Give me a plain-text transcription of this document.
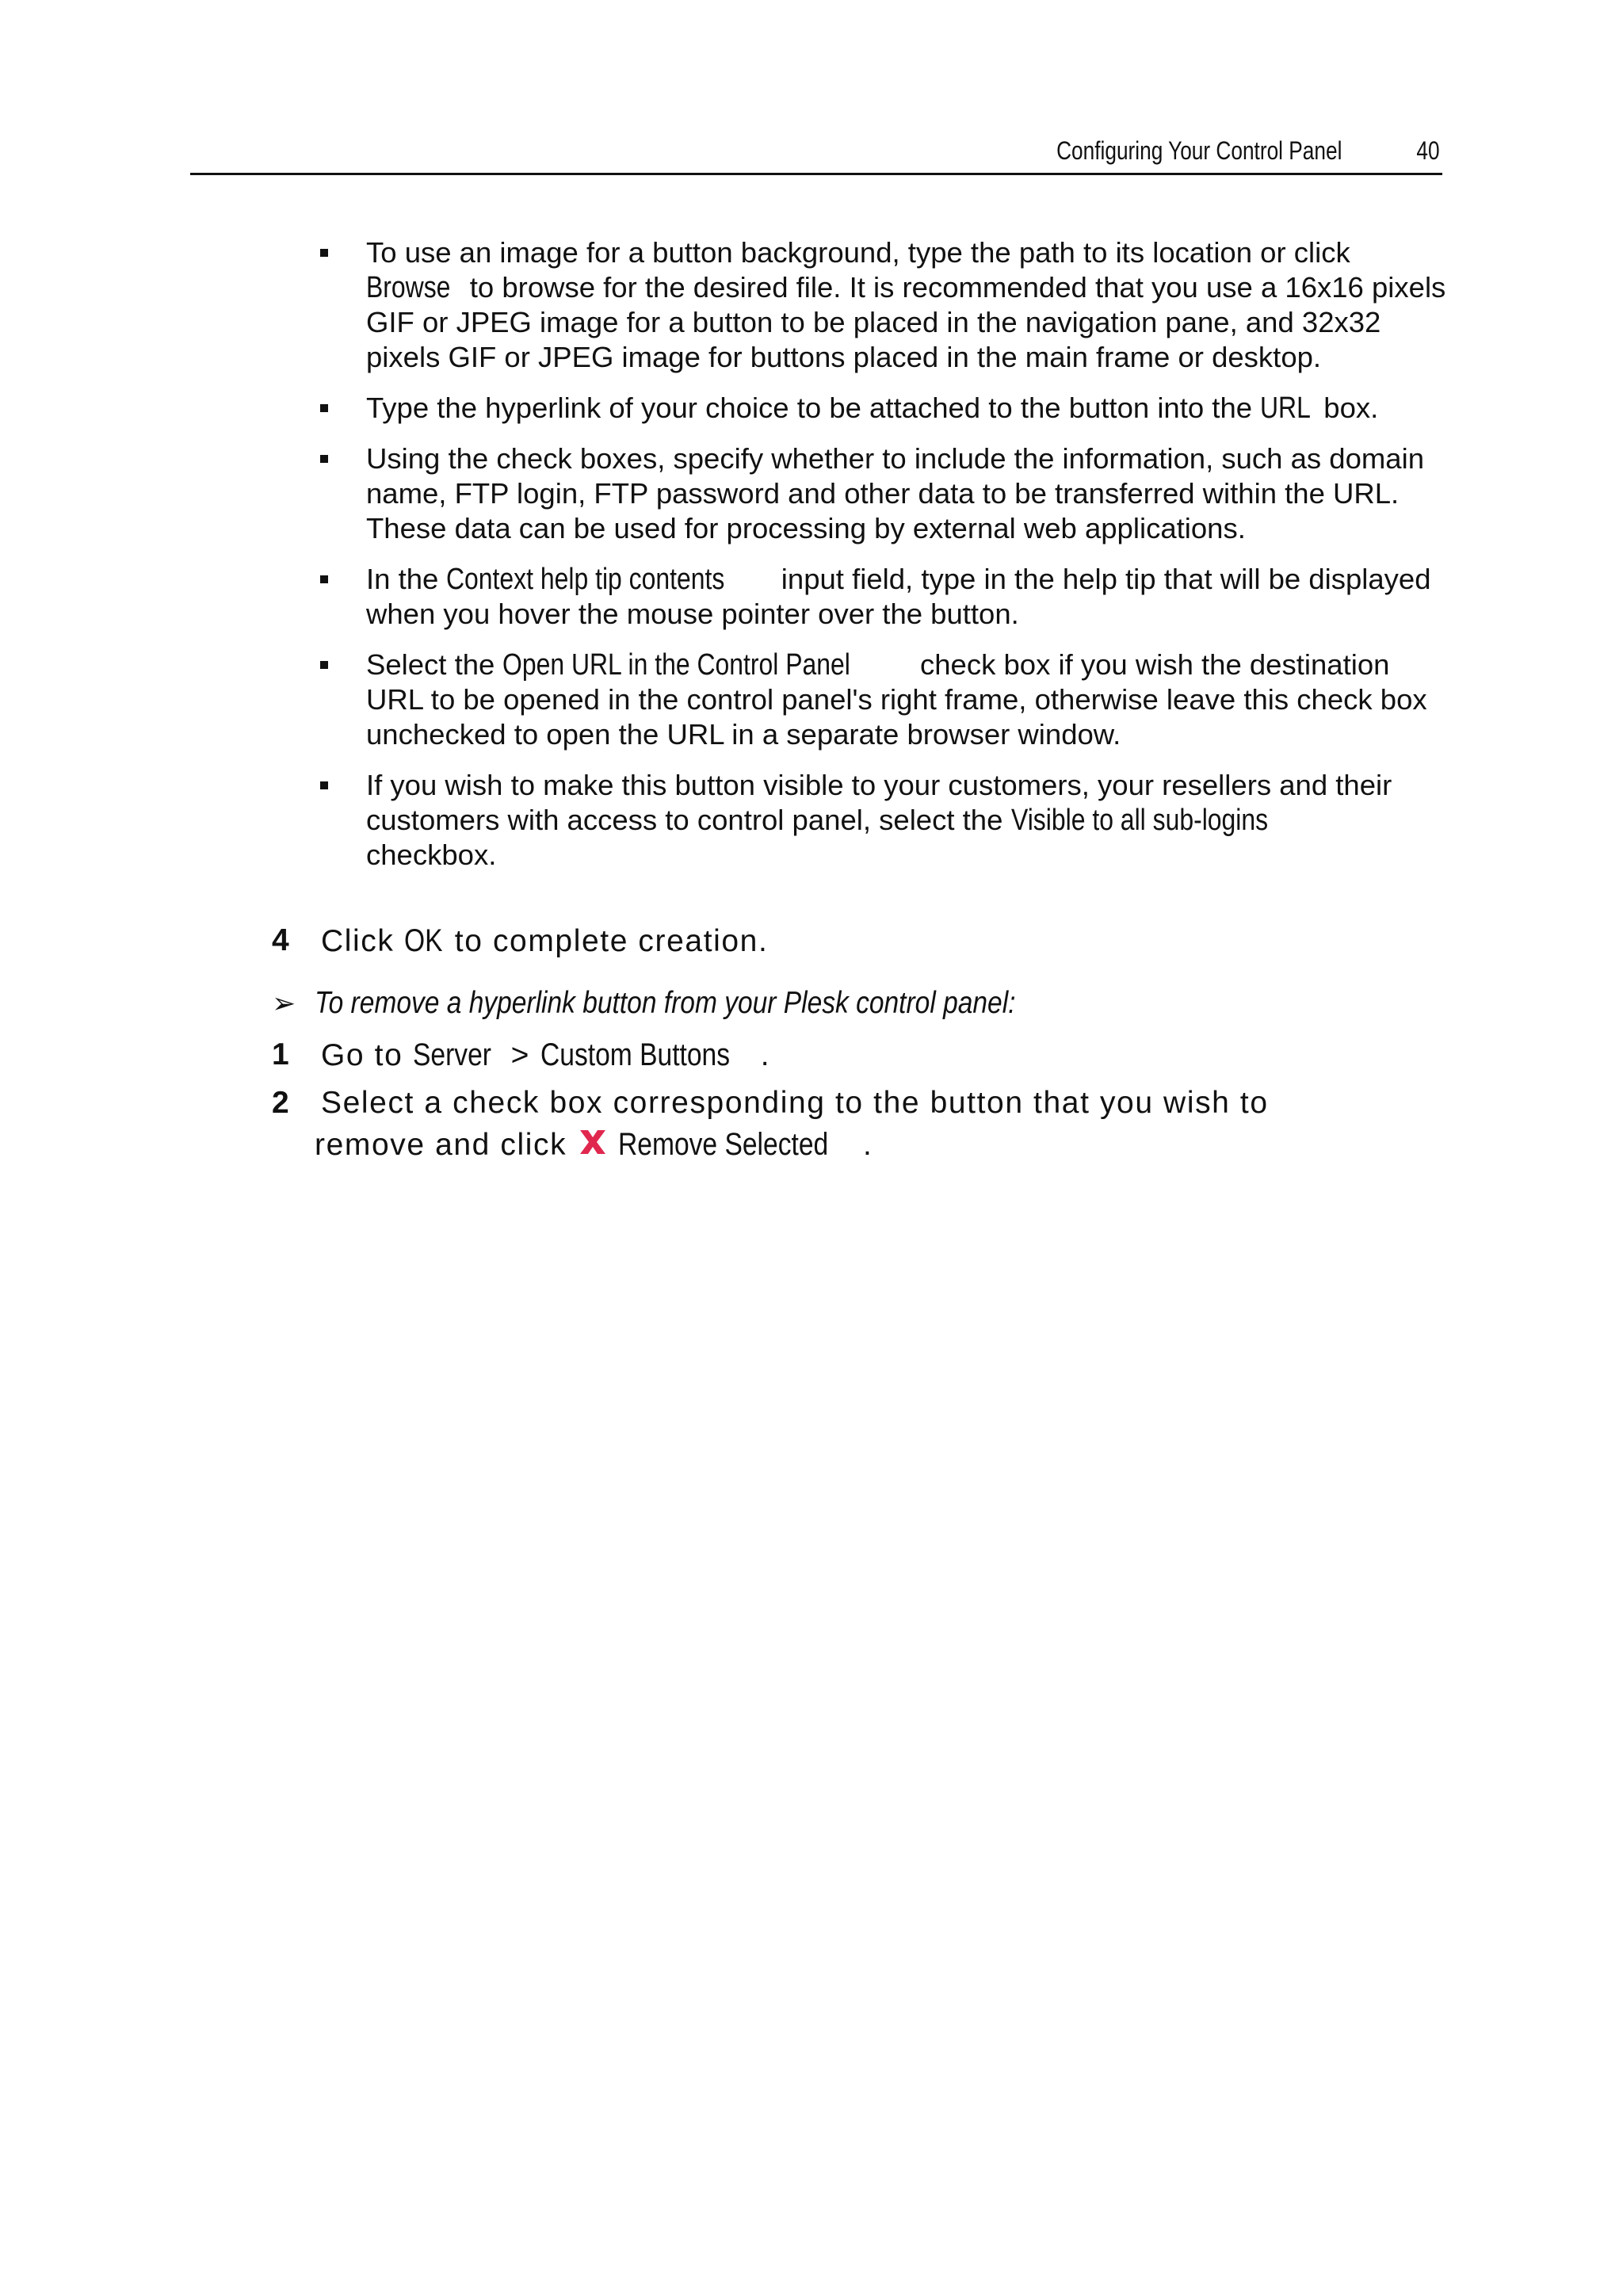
Configuring Your Control Panel	40
To use an image for a button background, type the path to its location or click Browse to browse for the desired file. It is recommended that you use a 16x16 pixels GIF or JPEG image for a button to be placed in the navigation pane, and 32x32 pixels GIF or JPEG image for buttons placed in the main frame or desktop.
Type the hyperlink of your choice to be attached to the button into the URL box.
Using the check boxes, specify whether to include the information, such as domain name, FTP login, FTP password and other data to be transferred within the URL. These data can be used for processing by external web applications.
In the Context help tip contents input field, type in the help tip that will be displayed when you hover the mouse pointer over the button.
Select the Open URL in the Control Panel check box if you wish the destination URL to be opened in the control panel's right frame, otherwise leave this check box unchecked to open the URL in a separate browser window.
If you wish to make this button visible to your customers, your resellers and their customers with access to control panel, select the Visible to all sub-logins
checkbox.
4	Click OK to complete creation.
➢ To remove a hyperlink button from your Plesk control panel:
1	Go to Server > Custom Buttons .
2	Select a check box corresponding to the button that you wish to
remove and click Remove Selected .
